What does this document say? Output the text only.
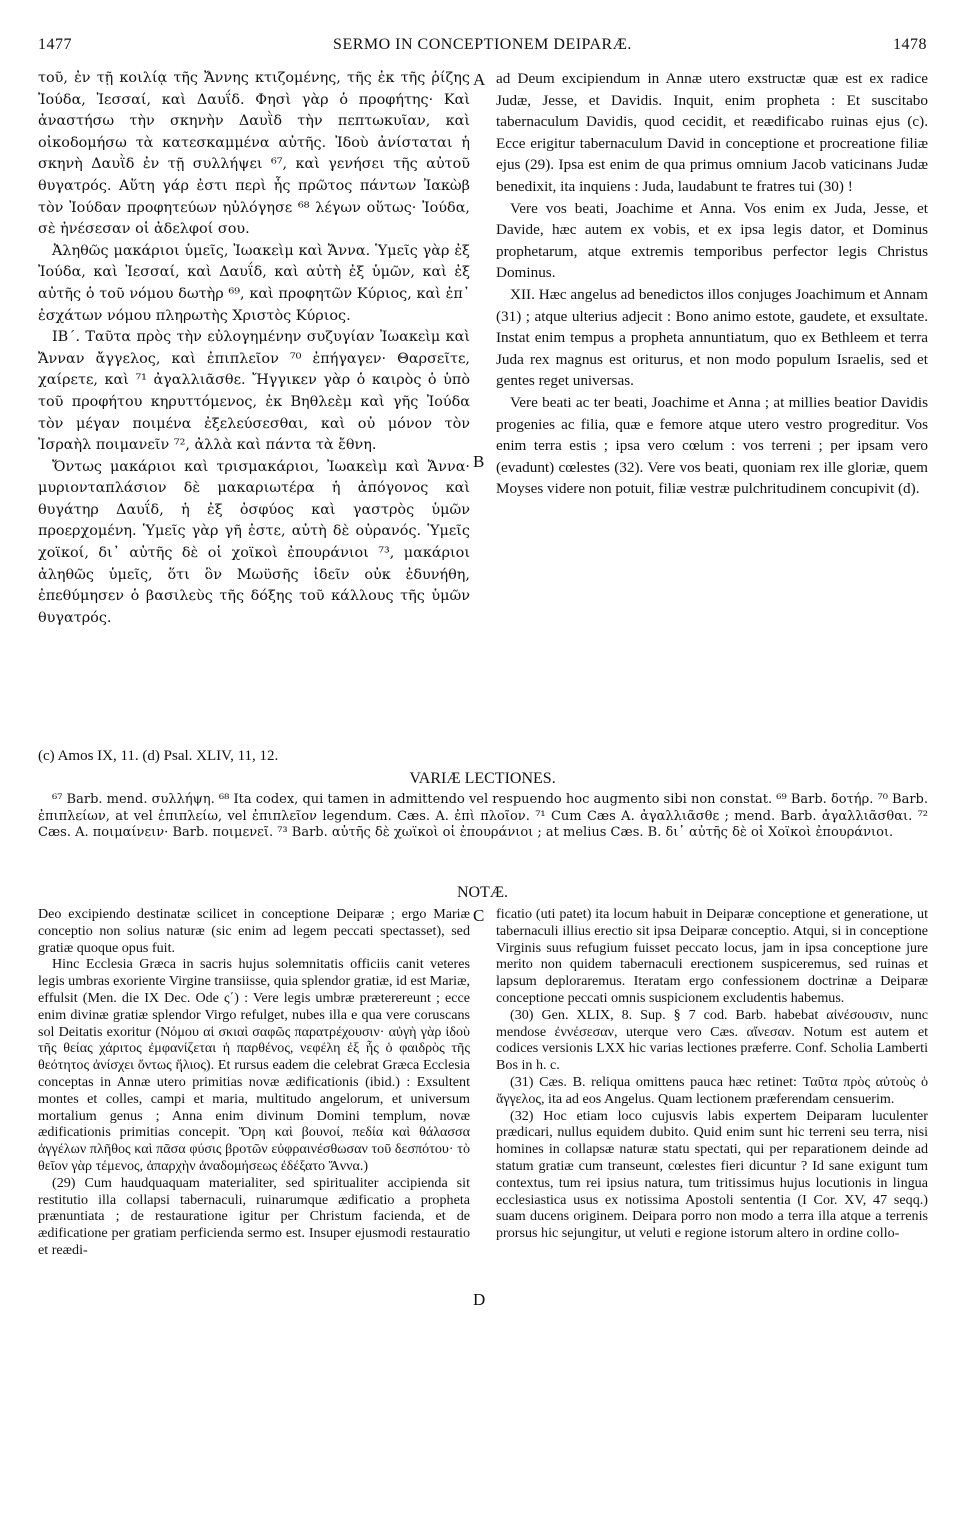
1477	SERMO IN CONCEPTIONEM DEIPARÆ.	1478

τοῦ, ἐν τῇ κοιλίᾳ τῆς Ἄννης κτιζομένης, τῆς ἐκ τῆς ῥίζης Ἰούδα, Ἰεσσαί, καὶ Δαυΐδ. Φησὶ γὰρ ὁ προφήτης· Καὶ ἀναστήσω τὴν σκηνὴν Δαυῒδ τὴν πεπτωκυῖαν, καὶ οἰκοδομήσω τὰ κατεσκαμμένα αὐτῆς. Ἰδοὺ ἀνίσταται ἡ σκηνὴ Δαυῒδ ἐν τῇ συλλήψει ⁶⁷, καὶ γενήσει τῆς αὐτοῦ θυγατρός. Αὕτη γάρ ἐστι περὶ ἧς πρῶτος πάντων Ἰακὼβ τὸν Ἰούδαν προφητεύων ηὐλόγησε ⁶⁸ λέγων οὕτως· Ἰούδα, σὲ ἠνέσεσαν οἱ ἀδελφοί σου.

Ἀληθῶς μακάριοι ὑμεῖς, Ἰωακεὶμ καὶ Ἄννα. Ὑμεῖς γὰρ ἐξ Ἰούδα, καὶ Ἰεσσαί, καὶ Δαυΐδ, καὶ αὐτὴ ἐξ ὑμῶν, καὶ ἐξ αὐτῆς ὁ τοῦ νόμου δωτὴρ ⁶⁹, καὶ προφητῶν Κύριος, καὶ ἐπ᾽ ἐσχάτων νόμου πληρωτὴς Χριστὸς Κύριος.

ΙΒ΄. Ταῦτα πρὸς τὴν εὐλογημένην συζυγίαν Ἰωακεὶμ καὶ Ἄνναν ἄγγελος, καὶ ἐπιπλεῖον ⁷⁰ ἐπήγαγεν· Θαρσεῖτε, χαίρετε, καὶ ⁷¹ ἀγαλλιᾶσθε. Ἤγγικεν γὰρ ὁ καιρὸς ὁ ὑπὸ τοῦ προφήτου κηρυττόμενος, ἐκ Βηθλεὲμ καὶ γῆς Ἰούδα τὸν μέγαν ποιμένα ἐξελεύσεσθαι, καὶ οὐ μόνον τὸν Ἰσραὴλ ποιμανεῖν ⁷², ἀλλὰ καὶ πάντα τὰ ἔθνη.

Ὄντως μακάριοι καὶ τρισμακάριοι, Ἰωακεὶμ καὶ Ἄννα· μυριονταπλάσιον δὲ μακαριωτέρα ἡ ἀπόγονος καὶ θυγάτηρ Δαυΐδ, ἡ ἐξ ὀσφύος καὶ γαστρὸς ὑμῶν προερχομένη. Ὑμεῖς γὰρ γῆ ἐστε, αὐτὴ δὲ οὐρανός. Ὑμεῖς χοϊκοί, δι᾽ αὐτῆς δὲ οἱ χοϊκοὶ ἐπουράνιοι ⁷³, μακάριοι ἀληθῶς ὑμεῖς, ὅτι ὃν Μωϋσῆς ἰδεῖν οὐκ ἐδυνήθη, ἐπεθύμησεν ὁ βασιλεὺς τῆς δόξης τοῦ κάλλους τῆς ὑμῶν θυγατρός.

A
B

ad Deum excipiendum in Annæ utero exstructæ quæ est ex radice Judæ, Jesse, et Davidis. Inquit, enim propheta : Et suscitabo tabernaculum Davidis, quod cecidit, et reædificabo ruinas ejus (c). Ecce erigitur tabernaculum David in conceptione et procreatione filiæ ejus (29). Ipsa est enim de qua primus omnium Jacob vaticinans Judæ benedixit, ita inquiens : Juda, laudabunt te fratres tui (30) !

Vere vos beati, Joachime et Anna. Vos enim ex Juda, Jesse, et Davide, hæc autem ex vobis, et ex ipsa legis dator, et Dominus prophetarum, atque extremis temporibus perfector legis Christus Dominus.

XII. Hæc angelus ad benedictos illos conjuges Joachimum et Annam (31) ; atque ulterius adjecit : Bono animo estote, gaudete, et exsultate. Instat enim tempus a propheta annuntiatum, quo ex Bethleem et terra Juda rex magnus est oriturus, et non modo populum Israelis, sed et gentes reget universas.

Vere beati ac ter beati, Joachime et Anna ; at millies beatior Davidis progenies ac filia, quæ e femore atque utero vestro progreditur. Vos enim terra estis ; ipsa vero cœlum : vos terreni ; per ipsam vero (evadunt) cœlestes (32). Vere vos beati, quoniam rex ille gloriæ, quem Moyses videre non potuit, filiæ vestræ pulchritudinem concupivit (d).

(c) Amos IX, 11. (d) Psal. XLIV, 11, 12.
VARIÆ LECTIONES.

⁶⁷ Barb. mend. συλλήψη. ⁶⁸ Ita codex, qui tamen in admittendo vel respuendo hoc augmento sibi non constat. ⁶⁹ Barb. δοτήρ. ⁷⁰ Barb. ἐπιπλείων, at vel ἐπιπλείω, vel ἐπιπλεῖον legendum. Cæs. A. ἐπὶ πλοῖον. ⁷¹ Cum Cæs A. ἀγαλλιᾶσθε ; mend. Barb. ἀγαλλιᾶσθαι. ⁷² Cæs. A. ποιμαίνειν· Barb. ποιμενεῖ. ⁷³ Barb. αὐτῆς δὲ χωϊκοὶ οἱ ἐπουράνιοι ; at melius Cæs. B. δι᾽ αὐτῆς δὲ οἱ Χοϊκοὶ ἐπουράνιοι.

NOTÆ.
C
D

Deo excipiendo destinatæ scilicet in conceptione Deiparæ ; ergo Mariæ conceptio non solius naturæ (sic enim ad legem peccati spectasset), sed gratiæ quoque opus fuit.

Hinc Ecclesia Græca in sacris hujus solemnitatis officiis canit veteres legis umbras exoriente Virgine transiisse, quia splendor gratiæ, id est Mariæ, effulsit (Men. die IX Dec. Ode ς΄) : Vere legis umbræ præterereunt ; ecce enim divinæ gratiæ splendor Virgo refulget, nubes illa e qua vere coruscans sol Deitatis exoritur (Νόμου αἱ σκιαὶ σαφῶς παρατρέχουσιν· αὐγὴ γὰρ ἰδοὺ τῆς θείας χάριτος ἐμφανίζεται ἡ παρθένος, νεφέλη ἐξ ἧς ὁ φαιδρὸς τῆς θεότητος ἀνίσχει ὄντως ἥλιος). Et rursus eadem die celebrat Græca Ecclesia conceptas in Annæ utero primitias novæ ædificationis (ibid.) : Exsultent montes et colles, campi et maria, multitudo angelorum, et universum mortalium genus ; Anna enim divinum Domini templum, novæ ædificationis primitias concepit. Ὄρη καὶ βουνοί, πεδία καὶ θάλασσα ἀγγέλων πλῆθος καὶ πᾶσα φύσις βροτῶν εὐφραινέσθωσαν τοῦ δεσπότου· τὸ θεῖον γὰρ τέμενος, ἀπαρχὴν ἀναδομήσεως ἐδέξατο Ἄννα.)

(29) Cum haudquaquam materialiter, sed spiritualiter accipienda sit restitutio illa collapsi tabernaculi, ruinarumque ædificatio a propheta prænuntiata ; de restauratione igitur per Christum facienda, et de ædificatione per gratiam perficienda sermo est. Insuper ejusmodi restauratio et reædi-

ficatio (uti patet) ita locum habuit in Deiparæ conceptione et generatione, ut tabernaculi illius erectio sit ipsa Deiparæ conceptio. Atqui, si in conceptione Virginis suus refugium fuisset peccato locus, jam in ipsa conceptione jure merito non quidem tabernaculi erectionem suspiceremus, sed ruinas et lapsum deploraremus. Iteratam ergo confessionem doctrinæ a Deiparæ conceptione peccati omnis suspicionem excludentis habemus.

(30) Gen. XLIX, 8. Sup. § 7 cod. Barb. habebat αἰνέσουσιν, nunc mendose ἐννέσεσαν, uterque vero Cæs. αἴνεσαν. Notum est autem et codices versionis LXX hic varias lectiones præferre. Conf. Scholia Lamberti Bos in h. c.

(31) Cæs. B. reliqua omittens pauca hæc retinet: Ταῦτα πρὸς αὐτοὺς ὁ ἄγγελος, ita ad eos Angelus. Quam lectionem præferendam censuerim.

(32) Hoc etiam loco cujusvis labis expertem Deiparam luculenter prædicari, nullus equidem dubito. Quid enim sunt hic terreni seu terra, nisi homines in collapsæ naturæ statu spectati, qui per reparationem deinde ad statum gratiæ cum transeunt, cœlestes fieri dicuntur ? Id sane exigunt tum contextus, tum rei ipsius natura, tum tritissimus hujus locutionis in lingua ecclesiastica usus ex notissima Apostoli sententia (I Cor. XV, 47 seqq.) suam ducens originem. Deipara porro non modo a terra illa atque a terrenis prorsus hic sejungitur, ut veluti e regione istorum altero in ordine collo-
